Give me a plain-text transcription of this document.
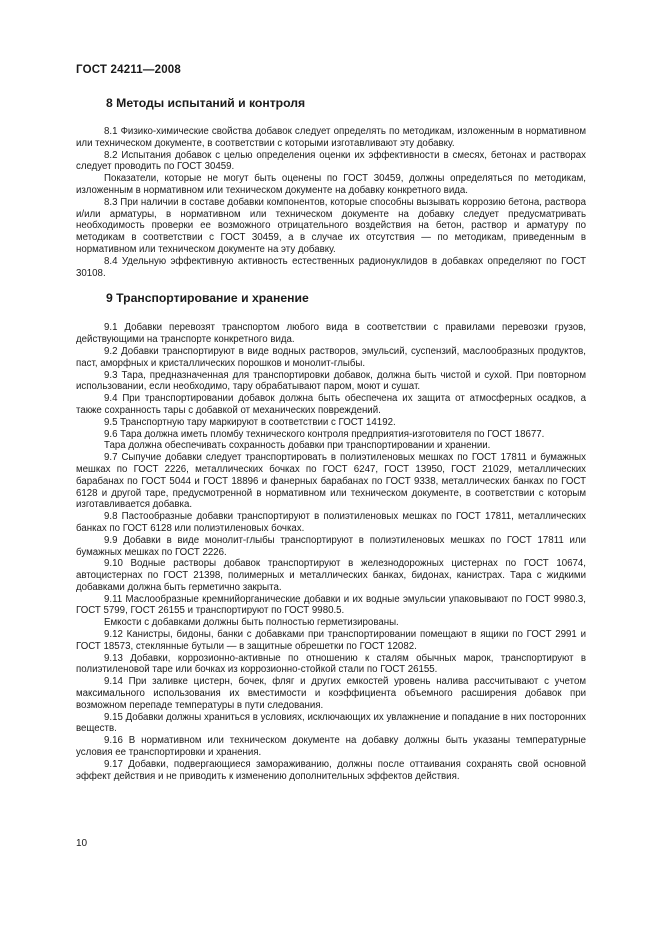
ГОСТ 24211—2008
8 Методы испытаний и контроля

8.1 Физико-химические свойства добавок следует определять по методикам, изложенным в нормативном или техническом документе, в соответствии с которыми изготавливают эту добавку.

8.2 Испытания добавок с целью определения оценки их эффективности в смесях, бетонах и растворах следует проводить по ГОСТ 30459.

Показатели, которые не могут быть оценены по ГОСТ 30459, должны определяться по методикам, изложенным в нормативном или техническом документе на добавку конкретного вида.

8.3 При наличии в составе добавки компонентов, которые способны вызывать коррозию бетона, раствора и/или арматуры, в нормативном или техническом документе на добавку следует предусматривать необходимость проверки ее возможного отрицательного воздействия на бетон, раствор и арматуру по методикам в соответствии с ГОСТ 30459, а в случае их отсутствия — по методикам, приведенным в нормативном или техническом документе на эту добавку.

8.4 Удельную эффективную активность естественных радионуклидов в добавках определяют по ГОСТ 30108.

9 Транспортирование и хранение

9.1 Добавки перевозят транспортом любого вида в соответствии с правилами перевозки грузов, действующими на транспорте конкретного вида.

9.2 Добавки транспортируют в виде водных растворов, эмульсий, суспензий, маслообразных продуктов, паст, аморфных и кристаллических порошков и монолит-глыбы.

9.3 Тара, предназначенная для транспортировки добавок, должна быть чистой и сухой. При повторном использовании, если необходимо, тару обрабатывают паром, моют и сушат.

9.4 При транспортировании добавок должна быть обеспечена их защита от атмосферных осадков, а также сохранность тары с добавкой от механических повреждений.

9.5 Транспортную тару маркируют в соответствии с ГОСТ 14192.

9.6 Тара должна иметь пломбу технического контроля предприятия-изготовителя по ГОСТ 18677.

Тара должна обеспечивать сохранность добавки при транспортировании и хранении.

9.7 Сыпучие добавки следует транспортировать в полиэтиленовых мешках по ГОСТ 17811 и бумажных мешках по ГОСТ 2226, металлических бочках по ГОСТ 6247, ГОСТ 13950, ГОСТ 21029, металлических барабанах по ГОСТ 5044 и ГОСТ 18896 и фанерных барабанах по ГОСТ 9338, металлических банках по ГОСТ 6128 и другой таре, предусмотренной в нормативном или техническом документе, в соответствии с которым изготавливается добавка.

9.8 Пастообразные добавки транспортируют в полиэтиленовых мешках по ГОСТ 17811, металлических банках по ГОСТ 6128 или полиэтиленовых бочках.

9.9 Добавки в виде монолит-глыбы транспортируют в полиэтиленовых мешках по ГОСТ 17811 или бумажных мешках по ГОСТ 2226.

9.10 Водные растворы добавок транспортируют в железнодорожных цистернах по ГОСТ 10674, автоцистернах по ГОСТ 21398, полимерных и металлических банках, бидонах, канистрах. Тара с жидкими добавками должна быть герметично закрыта.

9.11 Маслообразные кремнийорганические добавки и их водные эмульсии упаковывают по ГОСТ 9980.3, ГОСТ 5799, ГОСТ 26155 и транспортируют по ГОСТ 9980.5.

Емкости с добавками должны быть полностью герметизированы.

9.12 Канистры, бидоны, банки с добавками при транспортировании помещают в ящики по ГОСТ 2991 и ГОСТ 18573, стеклянные бутыли — в защитные обрешетки по ГОСТ 12082.

9.13 Добавки, коррозионно-активные по отношению к сталям обычных марок, транспортируют в полиэтиленовой таре или бочках из коррозионно-стойкой стали по ГОСТ 26155.

9.14 При заливке цистерн, бочек, фляг и других емкостей уровень налива рассчитывают с учетом максимального использования их вместимости и коэффициента объемного расширения добавок при возможном перепаде температуры в пути следования.

9.15 Добавки должны храниться в условиях, исключающих их увлажнение и попадание в них посторонних веществ.

9.16 В нормативном или техническом документе на добавку должны быть указаны температурные условия ее транспортировки и хранения.

9.17 Добавки, подвергающиеся замораживанию, должны после оттаивания сохранять свой основной эффект действия и не приводить к изменению дополнительных эффектов действия.

10
